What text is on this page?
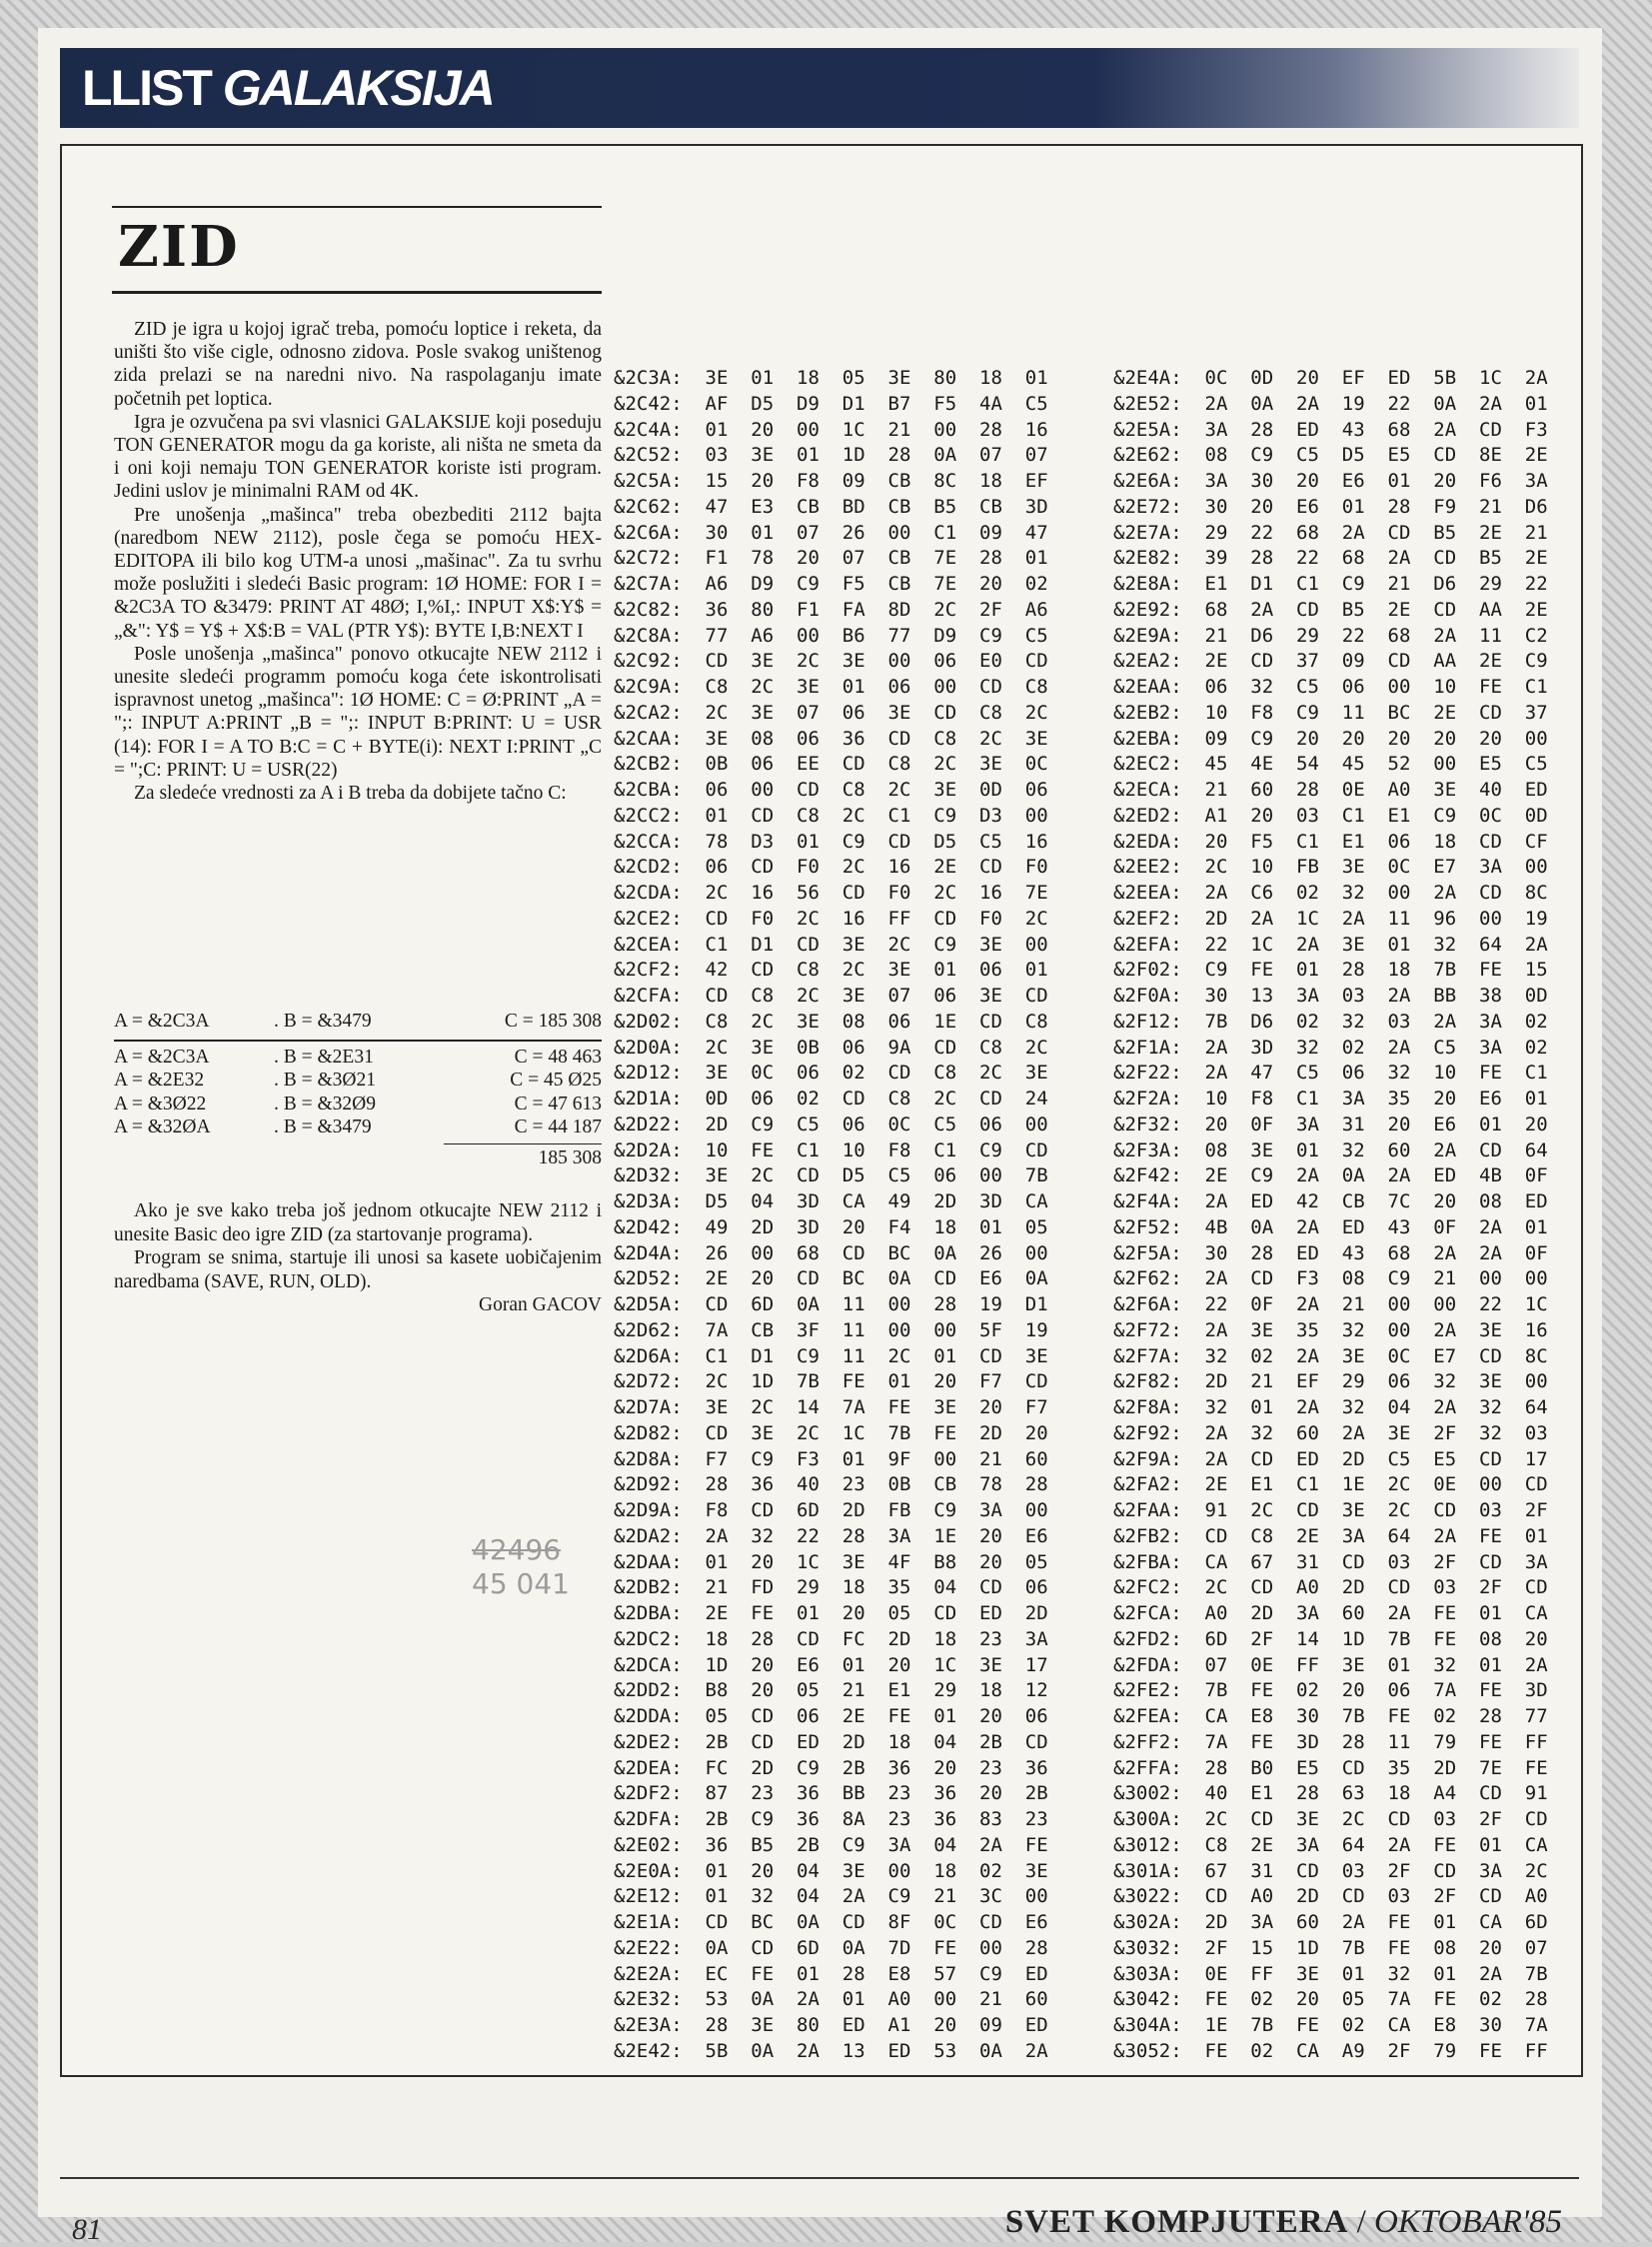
LLIST GALAKSIJA
ZID

ZID je igra u kojoj igrač treba, pomoću loptice i reketa, da uništi što više cigle, odnosno zidova. Posle svakog uništenog zida prelazi se na naredni nivo. Na raspolaganju imate početnih pet loptica.

Igra je ozvučena pa svi vlasnici GALAKSIJE koji poseduju TON GENERATOR mogu da ga koriste, ali ništa ne smeta da i oni koji nemaju TON GENERATOR koriste isti program. Jedini uslov je minimalni RAM od 4K.

Pre unošenja „mašinca" treba obezbediti 2112 bajta (naredbom NEW 2112), posle čega se pomoću HEX-EDITOPA ili bilo kog UTM-a unosi „mašinac". Za tu svrhu može poslužiti i sledeći Basic program: 1Ø HOME: FOR I = &2C3A TO &3479: PRINT AT 48Ø; I,%I,: INPUT X$:Y$ = „&": Y$ = Y$ + X$:B = VAL (PTR Y$): BYTE I,B:NEXT I

Posle unošenja „mašinca" ponovo otkucajte NEW 2112 i unesite sledeći programm pomoću koga ćete iskontrolisati ispravnost unetog „mašinca": 1Ø HOME: C = Ø:PRINT „A = ";: INPUT A:PRINT „B = ";: INPUT B:PRINT: U = USR (14): FOR I = A TO B:C = C + BYTE(i): NEXT I:PRINT „C = ";C: PRINT: U = USR(22)

Za sledeće vrednosti za A i B treba da dobijete tačno C:

A = &2C3A	. B = &3479	C = 185 308
A = &2C3A	. B = &2E31	C = 48 463
A = &2E32	. B = &3Ø21	C = 45 Ø25
A = &3Ø22	. B = &32Ø9	C = 47 613
A = &32ØA	. B = &3479	C = 44 187
185 308

Ako je sve kako treba još jednom otkucajte NEW 2112 i unesite Basic deo igre ZID (za startovanje programa).

Program se snima, startuje ili unosi sa kasete uobičajenim naredbama (SAVE, RUN, OLD).

Goran GACOV

42496
45 041
&2C3A:  3E  01  18  05  3E  80  18  01
&2C42:  AF  D5  D9  D1  B7  F5  4A  C5
&2C4A:  01  20  00  1C  21  00  28  16
&2C52:  03  3E  01  1D  28  0A  07  07
&2C5A:  15  20  F8  09  CB  8C  18  EF
&2C62:  47  E3  CB  BD  CB  B5  CB  3D
&2C6A:  30  01  07  26  00  C1  09  47
&2C72:  F1  78  20  07  CB  7E  28  01
&2C7A:  A6  D9  C9  F5  CB  7E  20  02
&2C82:  36  80  F1  FA  8D  2C  2F  A6
&2C8A:  77  A6  00  B6  77  D9  C9  C5
&2C92:  CD  3E  2C  3E  00  06  E0  CD
&2C9A:  C8  2C  3E  01  06  00  CD  C8
&2CA2:  2C  3E  07  06  3E  CD  C8  2C
&2CAA:  3E  08  06  36  CD  C8  2C  3E
&2CB2:  0B  06  EE  CD  C8  2C  3E  0C
&2CBA:  06  00  CD  C8  2C  3E  0D  06
&2CC2:  01  CD  C8  2C  C1  C9  D3  00
&2CCA:  78  D3  01  C9  CD  D5  C5  16
&2CD2:  06  CD  F0  2C  16  2E  CD  F0
&2CDA:  2C  16  56  CD  F0  2C  16  7E
&2CE2:  CD  F0  2C  16  FF  CD  F0  2C
&2CEA:  C1  D1  CD  3E  2C  C9  3E  00
&2CF2:  42  CD  C8  2C  3E  01  06  01
&2CFA:  CD  C8  2C  3E  07  06  3E  CD
&2D02:  C8  2C  3E  08  06  1E  CD  C8
&2D0A:  2C  3E  0B  06  9A  CD  C8  2C
&2D12:  3E  0C  06  02  CD  C8  2C  3E
&2D1A:  0D  06  02  CD  C8  2C  CD  24
&2D22:  2D  C9  C5  06  0C  C5  06  00
&2D2A:  10  FE  C1  10  F8  C1  C9  CD
&2D32:  3E  2C  CD  D5  C5  06  00  7B
&2D3A:  D5  04  3D  CA  49  2D  3D  CA
&2D42:  49  2D  3D  20  F4  18  01  05
&2D4A:  26  00  68  CD  BC  0A  26  00
&2D52:  2E  20  CD  BC  0A  CD  E6  0A
&2D5A:  CD  6D  0A  11  00  28  19  D1
&2D62:  7A  CB  3F  11  00  00  5F  19
&2D6A:  C1  D1  C9  11  2C  01  CD  3E
&2D72:  2C  1D  7B  FE  01  20  F7  CD
&2D7A:  3E  2C  14  7A  FE  3E  20  F7
&2D82:  CD  3E  2C  1C  7B  FE  2D  20
&2D8A:  F7  C9  F3  01  9F  00  21  60
&2D92:  28  36  40  23  0B  CB  78  28
&2D9A:  F8  CD  6D  2D  FB  C9  3A  00
&2DA2:  2A  32  22  28  3A  1E  20  E6
&2DAA:  01  20  1C  3E  4F  B8  20  05
&2DB2:  21  FD  29  18  35  04  CD  06
&2DBA:  2E  FE  01  20  05  CD  ED  2D
&2DC2:  18  28  CD  FC  2D  18  23  3A
&2DCA:  1D  20  E6  01  20  1C  3E  17
&2DD2:  B8  20  05  21  E1  29  18  12
&2DDA:  05  CD  06  2E  FE  01  20  06
&2DE2:  2B  CD  ED  2D  18  04  2B  CD
&2DEA:  FC  2D  C9  2B  36  20  23  36
&2DF2:  87  23  36  BB  23  36  20  2B
&2DFA:  2B  C9  36  8A  23  36  83  23
&2E02:  36  B5  2B  C9  3A  04  2A  FE
&2E0A:  01  20  04  3E  00  18  02  3E
&2E12:  01  32  04  2A  C9  21  3C  00
&2E1A:  CD  BC  0A  CD  8F  0C  CD  E6
&2E22:  0A  CD  6D  0A  7D  FE  00  28
&2E2A:  EC  FE  01  28  E8  57  C9  ED
&2E32:  53  0A  2A  01  A0  00  21  60
&2E3A:  28  3E  80  ED  A1  20  09  ED
&2E42:  5B  0A  2A  13  ED  53  0A  2A
&2E4A:  0C  0D  20  EF  ED  5B  1C  2A
&2E52:  2A  0A  2A  19  22  0A  2A  01
&2E5A:  3A  28  ED  43  68  2A  CD  F3
&2E62:  08  C9  C5  D5  E5  CD  8E  2E
&2E6A:  3A  30  20  E6  01  20  F6  3A
&2E72:  30  20  E6  01  28  F9  21  D6
&2E7A:  29  22  68  2A  CD  B5  2E  21
&2E82:  39  28  22  68  2A  CD  B5  2E
&2E8A:  E1  D1  C1  C9  21  D6  29  22
&2E92:  68  2A  CD  B5  2E  CD  AA  2E
&2E9A:  21  D6  29  22  68  2A  11  C2
&2EA2:  2E  CD  37  09  CD  AA  2E  C9
&2EAA:  06  32  C5  06  00  10  FE  C1
&2EB2:  10  F8  C9  11  BC  2E  CD  37
&2EBA:  09  C9  20  20  20  20  20  00
&2EC2:  45  4E  54  45  52  00  E5  C5
&2ECA:  21  60  28  0E  A0  3E  40  ED
&2ED2:  A1  20  03  C1  E1  C9  0C  0D
&2EDA:  20  F5  C1  E1  06  18  CD  CF
&2EE2:  2C  10  FB  3E  0C  E7  3A  00
&2EEA:  2A  C6  02  32  00  2A  CD  8C
&2EF2:  2D  2A  1C  2A  11  96  00  19
&2EFA:  22  1C  2A  3E  01  32  64  2A
&2F02:  C9  FE  01  28  18  7B  FE  15
&2F0A:  30  13  3A  03  2A  BB  38  0D
&2F12:  7B  D6  02  32  03  2A  3A  02
&2F1A:  2A  3D  32  02  2A  C5  3A  02
&2F22:  2A  47  C5  06  32  10  FE  C1
&2F2A:  10  F8  C1  3A  35  20  E6  01
&2F32:  20  0F  3A  31  20  E6  01  20
&2F3A:  08  3E  01  32  60  2A  CD  64
&2F42:  2E  C9  2A  0A  2A  ED  4B  0F
&2F4A:  2A  ED  42  CB  7C  20  08  ED
&2F52:  4B  0A  2A  ED  43  0F  2A  01
&2F5A:  30  28  ED  43  68  2A  2A  0F
&2F62:  2A  CD  F3  08  C9  21  00  00
&2F6A:  22  0F  2A  21  00  00  22  1C
&2F72:  2A  3E  35  32  00  2A  3E  16
&2F7A:  32  02  2A  3E  0C  E7  CD  8C
&2F82:  2D  21  EF  29  06  32  3E  00
&2F8A:  32  01  2A  32  04  2A  32  64
&2F92:  2A  32  60  2A  3E  2F  32  03
&2F9A:  2A  CD  ED  2D  C5  E5  CD  17
&2FA2:  2E  E1  C1  1E  2C  0E  00  CD
&2FAA:  91  2C  CD  3E  2C  CD  03  2F
&2FB2:  CD  C8  2E  3A  64  2A  FE  01
&2FBA:  CA  67  31  CD  03  2F  CD  3A
&2FC2:  2C  CD  A0  2D  CD  03  2F  CD
&2FCA:  A0  2D  3A  60  2A  FE  01  CA
&2FD2:  6D  2F  14  1D  7B  FE  08  20
&2FDA:  07  0E  FF  3E  01  32  01  2A
&2FE2:  7B  FE  02  20  06  7A  FE  3D
&2FEA:  CA  E8  30  7B  FE  02  28  77
&2FF2:  7A  FE  3D  28  11  79  FE  FF
&2FFA:  28  B0  E5  CD  35  2D  7E  FE
&3002:  40  E1  28  63  18  A4  CD  91
&300A:  2C  CD  3E  2C  CD  03  2F  CD
&3012:  C8  2E  3A  64  2A  FE  01  CA
&301A:  67  31  CD  03  2F  CD  3A  2C
&3022:  CD  A0  2D  CD  03  2F  CD  A0
&302A:  2D  3A  60  2A  FE  01  CA  6D
&3032:  2F  15  1D  7B  FE  08  20  07
&303A:  0E  FF  3E  01  32  01  2A  7B
&3042:  FE  02  20  05  7A  FE  02  28
&304A:  1E  7B  FE  02  CA  E8  30  7A
&3052:  FE  02  CA  A9  2F  79  FE  FF
81	SVET KOMPJUTERA / OKTOBAR'85
